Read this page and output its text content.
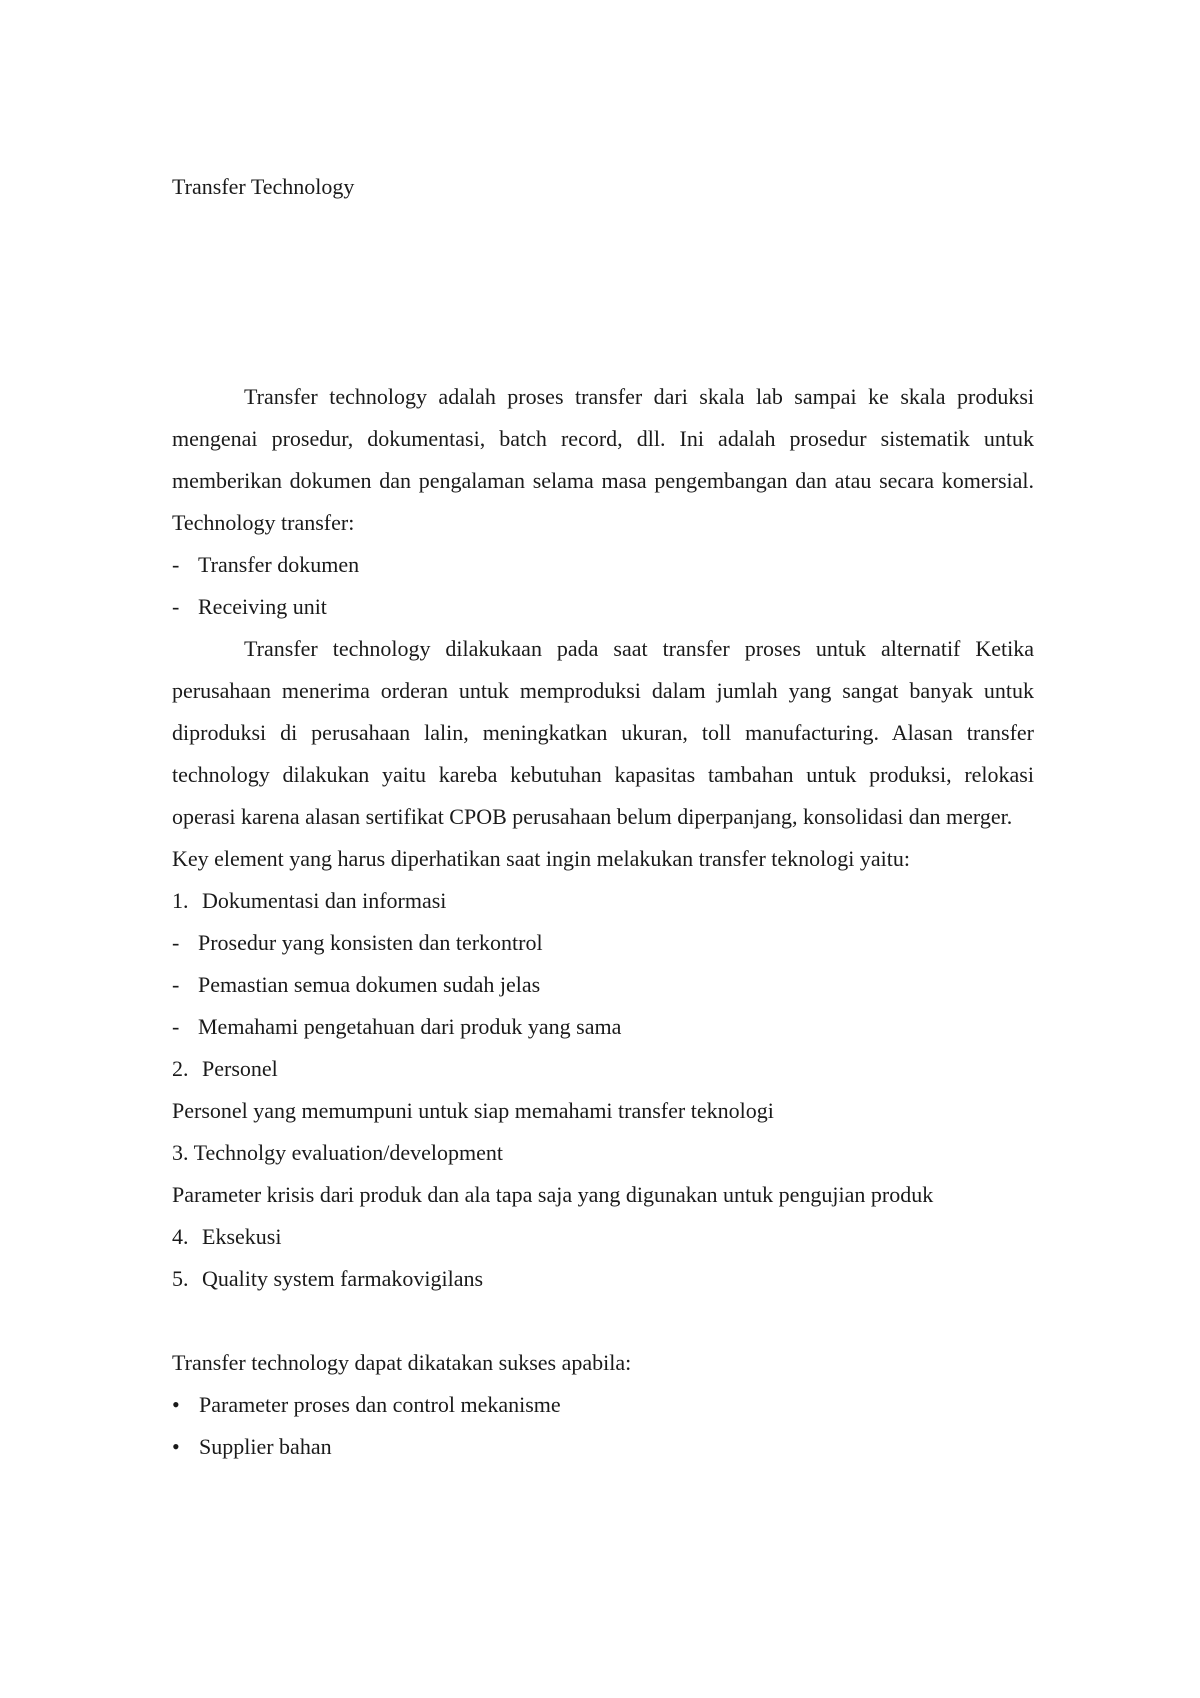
Transfer Technology

Transfer technology adalah proses transfer dari skala lab sampai ke skala produksi mengenai prosedur, dokumentasi, batch record, dll. Ini adalah prosedur sistematik untuk memberikan dokumen dan pengalaman selama masa pengembangan dan atau secara komersial. Technology transfer:

- Transfer dokumen
- Receiving unit

Transfer technology dilakukaan pada saat transfer proses untuk alternatif Ketika perusahaan menerima orderan untuk memproduksi dalam jumlah yang sangat banyak untuk diproduksi di perusahaan lalin, meningkatkan ukuran, toll manufacturing. Alasan transfer technology dilakukan yaitu kareba kebutuhan kapasitas tambahan untuk produksi, relokasi operasi karena alasan sertifikat CPOB perusahaan belum diperpanjang, konsolidasi dan merger.

Key element yang harus diperhatikan saat ingin melakukan transfer teknologi yaitu:

1. Dokumentasi dan informasi
- Prosedur yang konsisten dan terkontrol
- Pemastian semua dokumen sudah jelas
- Memahami pengetahuan dari produk yang sama
2. Personel

Personel yang memumpuni untuk siap memahami transfer teknologi

3. Technolgy evaluation/development

Parameter krisis dari produk dan ala tapa saja yang digunakan untuk pengujian produk

4. Eksekusi
5. Quality system farmakovigilans

Transfer technology dapat dikatakan sukses apabila:

• Parameter proses dan control mekanisme
• Supplier bahan
